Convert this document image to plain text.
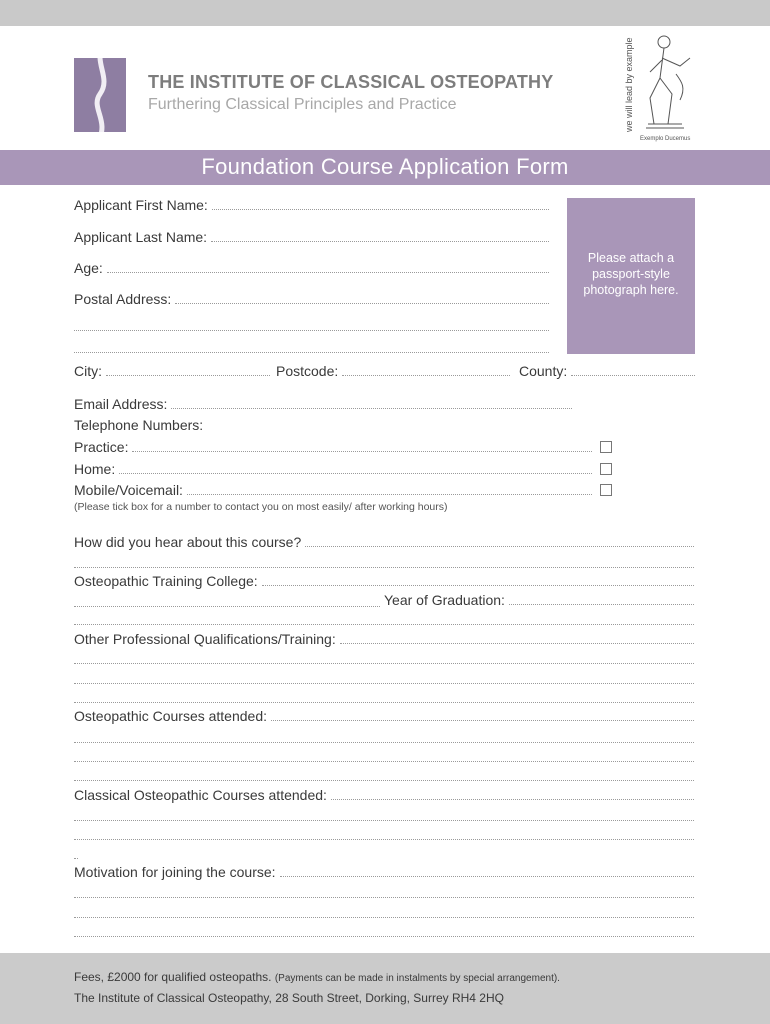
THE INSTITUTE OF CLASSICAL OSTEOPATHY
Furthering Classical Principles and Practice	we will lead by example
Exemplo Ducemus
Foundation Course Application Form
Please attach a passport-style photograph here.
Applicant First Name:
Applicant Last Name:
Age:
Postal Address:
City:	Postcode:	County:
Email Address:
Telephone Numbers:
Practice:
Home:
Mobile/Voicemail:
(Please tick box for a number to contact you on most easily/ after working hours)
How did you hear about this course?
Osteopathic Training College:
Year of Graduation:
Other Professional Qualifications/Training:
Osteopathic Courses attended:
Classical Osteopathic Courses attended:
Motivation for joining the course:
Fees, £2000 for qualified osteopaths. (Payments can be made in instalments by special arrangement).
The Institute of Classical Osteopathy, 28 South Street, Dorking, Surrey RH4 2HQ
